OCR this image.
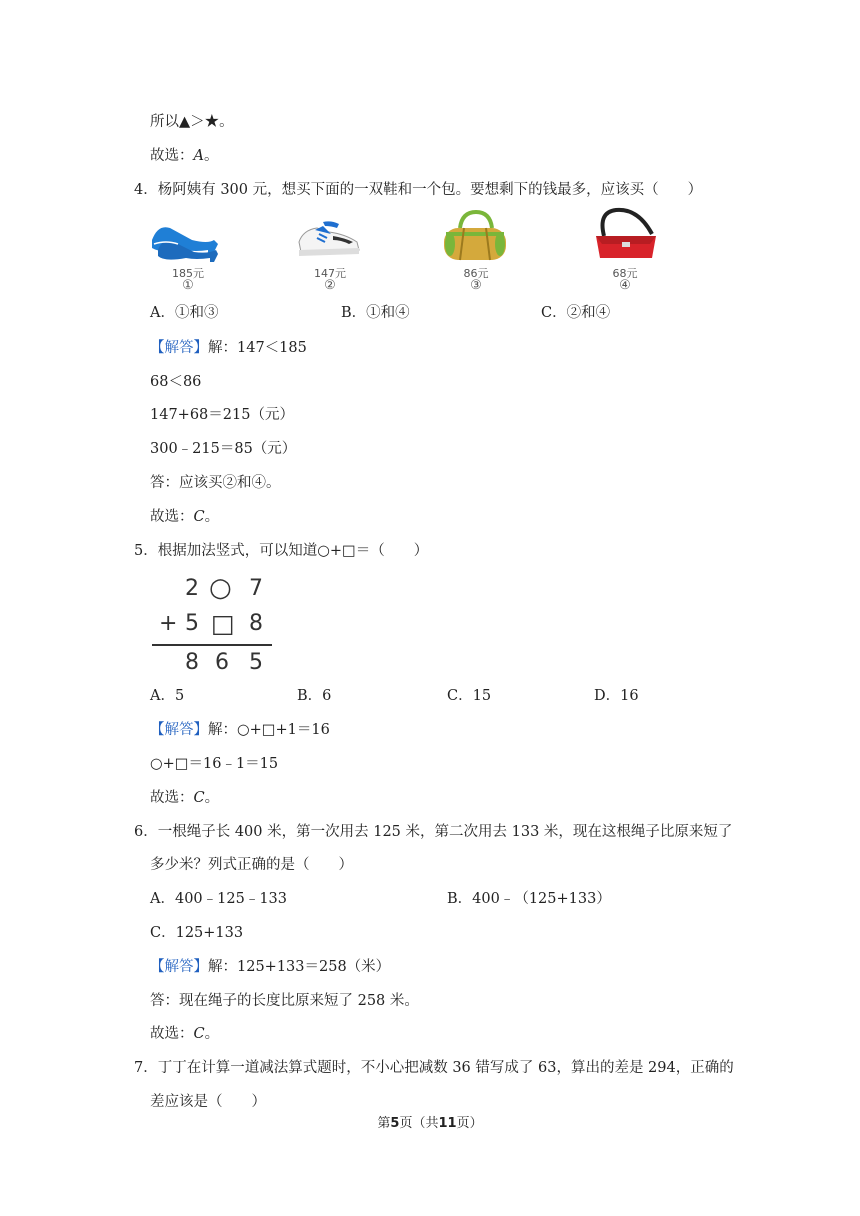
所以▲＞★。
故选：A。
4．杨阿姨有 300 元，想买下面的一双鞋和一个包。要想剩下的钱最多，应该买（　　）
185元
①
147元
②
86元
③
68元
④
A．①和③	B．①和④	C．②和④
【解答】解：147＜185
68＜86
147+68＝215（元）
300﹣215＝85（元）
答：应该买②和④。
故选：C。
5．根据加法竖式，可以知道○+□＝（　　）
2 ○ 7
+ 5 □ 8
8 6 5
A．5	B．6	C．15	D．16
【解答】解：○+□+1＝16
○+□＝16﹣1＝15
故选：C。
6．一根绳子长 400 米，第一次用去 125 米，第二次用去 133 米，现在这根绳子比原来短了
多少米？列式正确的是（　　）
A．400﹣125﹣133	B．400﹣（125+133）
C．125+133
【解答】解：125+133＝258（米）
答：现在绳子的长度比原来短了 258 米。
故选：C。
7．丁丁在计算一道减法算式题时，不小心把减数 36 错写成了 63，算出的差是 294，正确的
差应该是（　　）
第5页（共11页）
